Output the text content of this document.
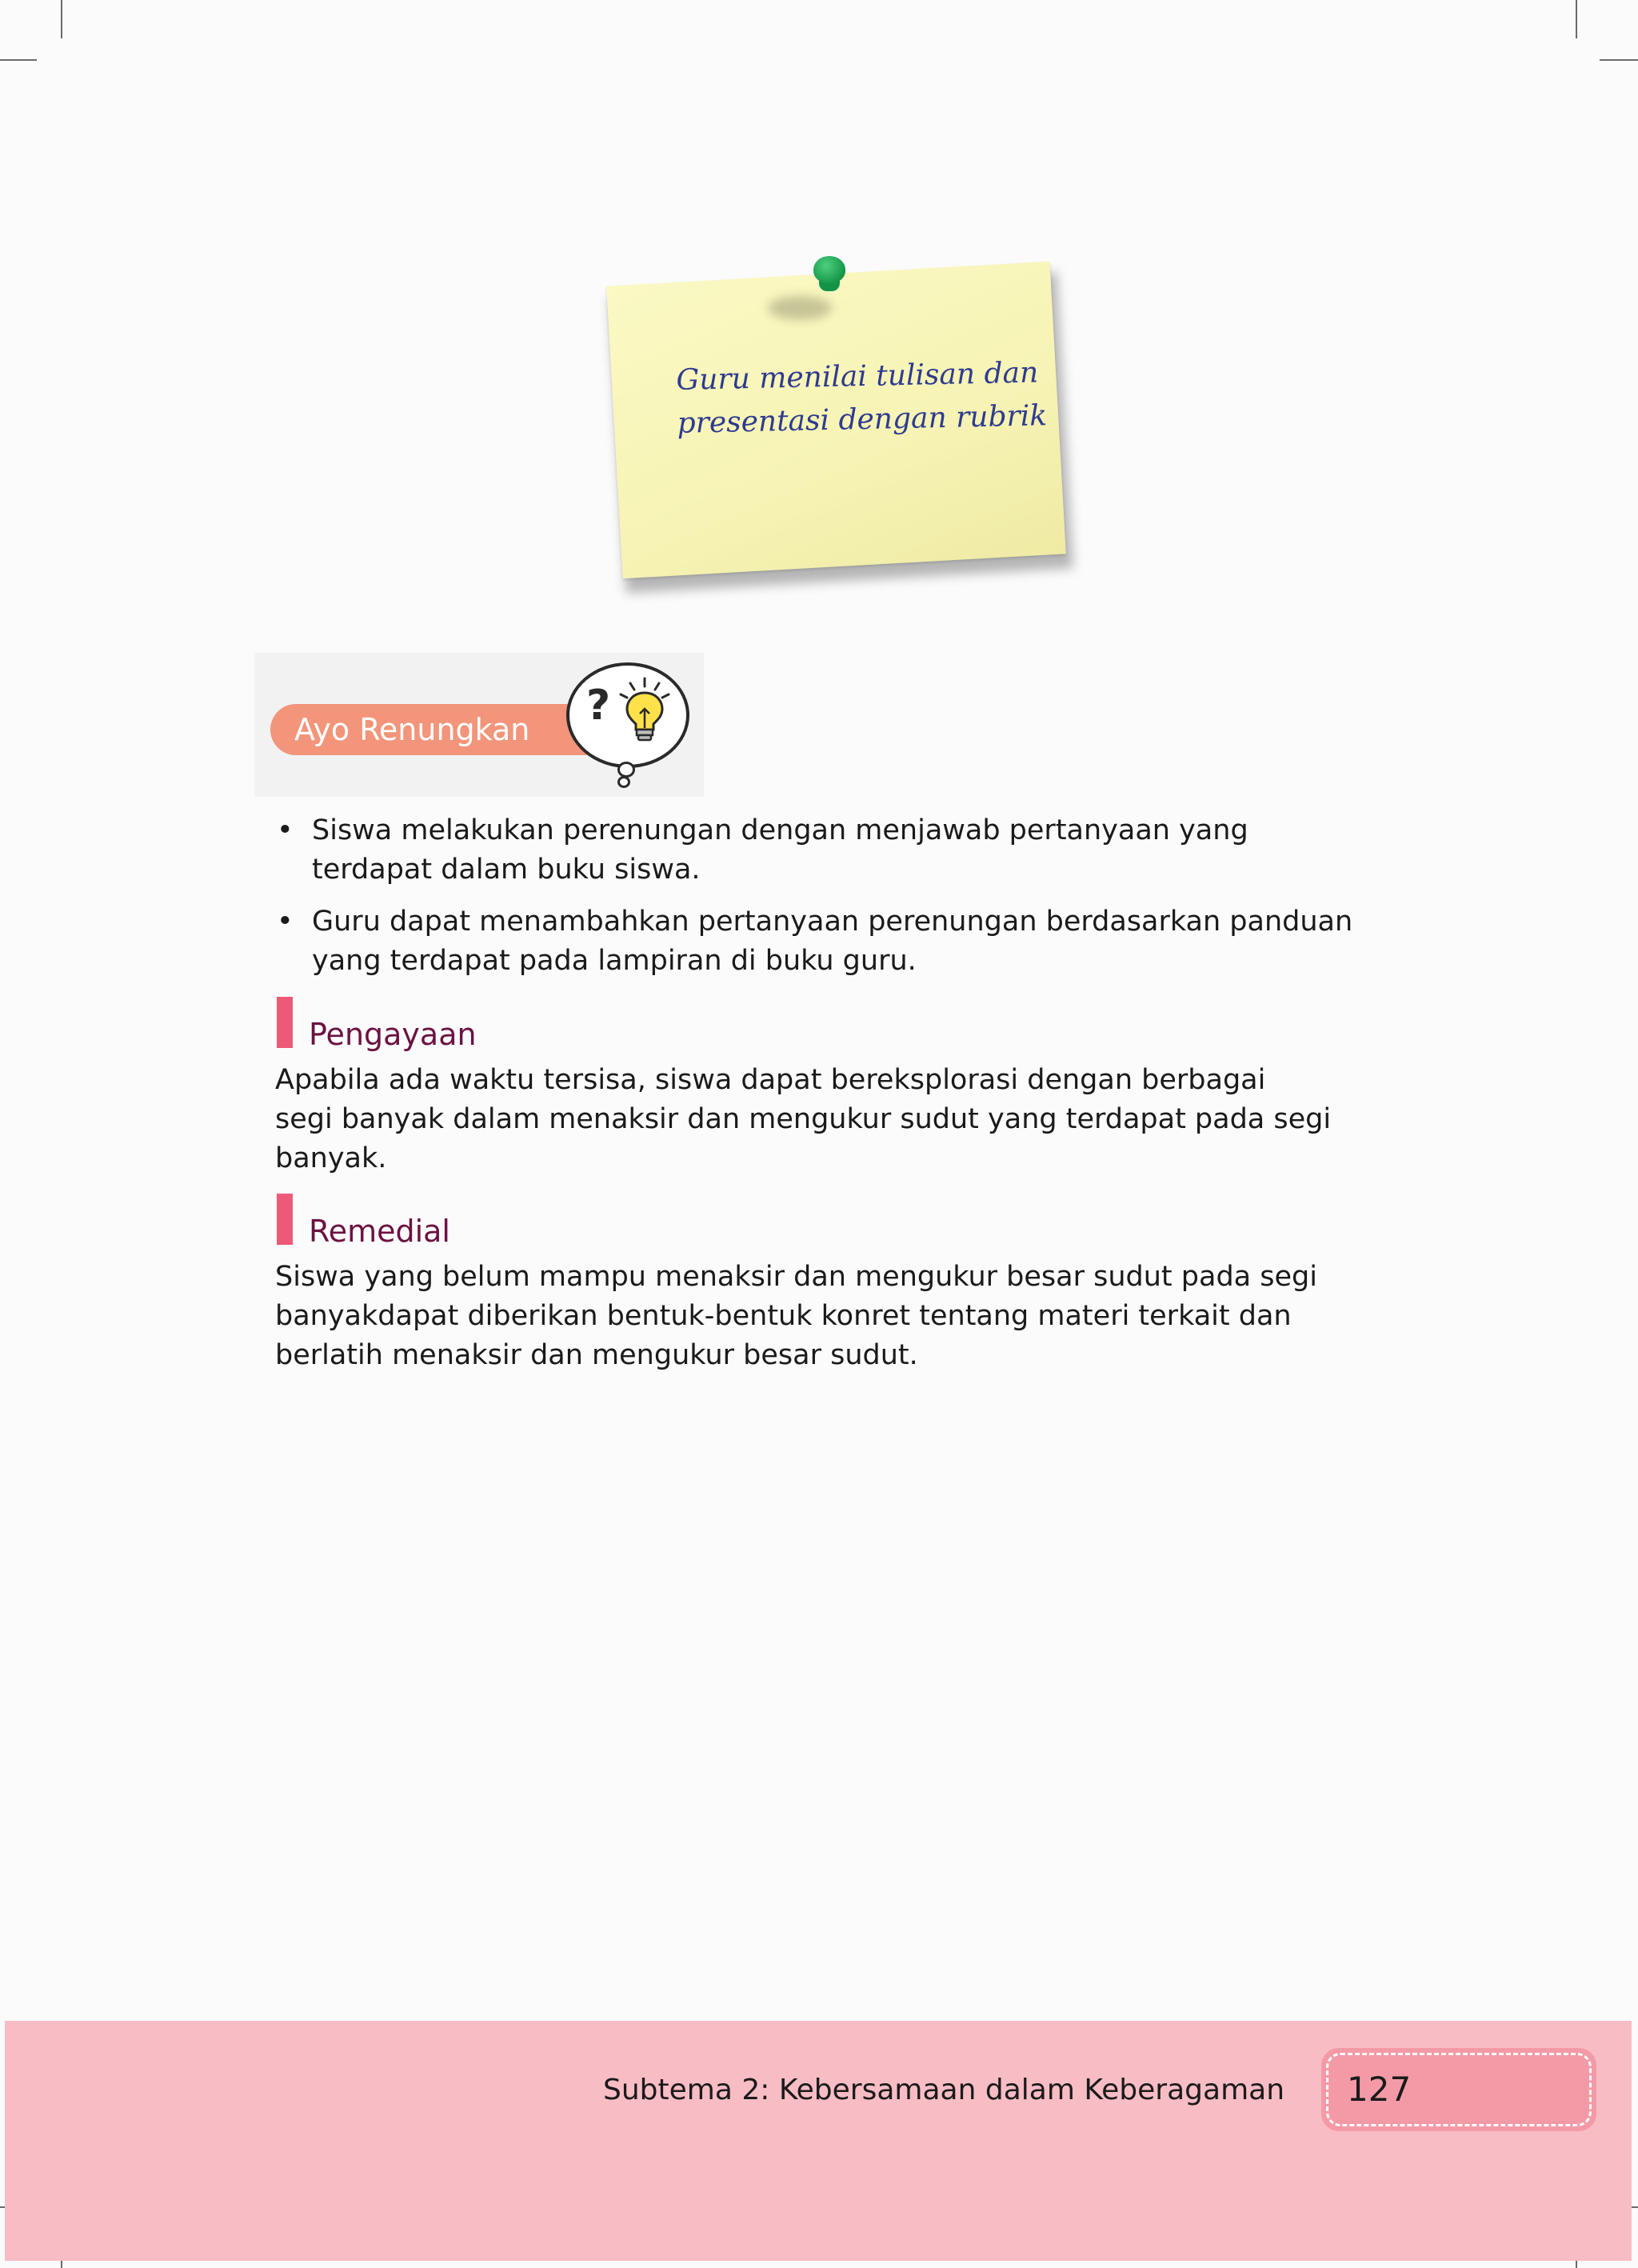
Guru menilai tulisan dan
presentasi dengan rubrik
Ayo Renungkan ?
• Siswa melakukan perenungan dengan menjawab pertanyaan yang
terdapat dalam buku siswa.
• Guru dapat menambahkan pertanyaan perenungan berdasarkan panduan
yang terdapat pada lampiran di buku guru.
Pengayaan
Apabila ada waktu tersisa, siswa dapat bereksplorasi dengan berbagai
segi banyak dalam menaksir dan mengukur sudut yang terdapat pada segi
banyak.
Remedial
Siswa yang belum mampu menaksir dan mengukur besar sudut pada segi
banyakdapat diberikan bentuk-bentuk konret tentang materi terkait dan
berlatih menaksir dan mengukur besar sudut.
Subtema 2: Kebersamaan dalam Keberagaman 127
